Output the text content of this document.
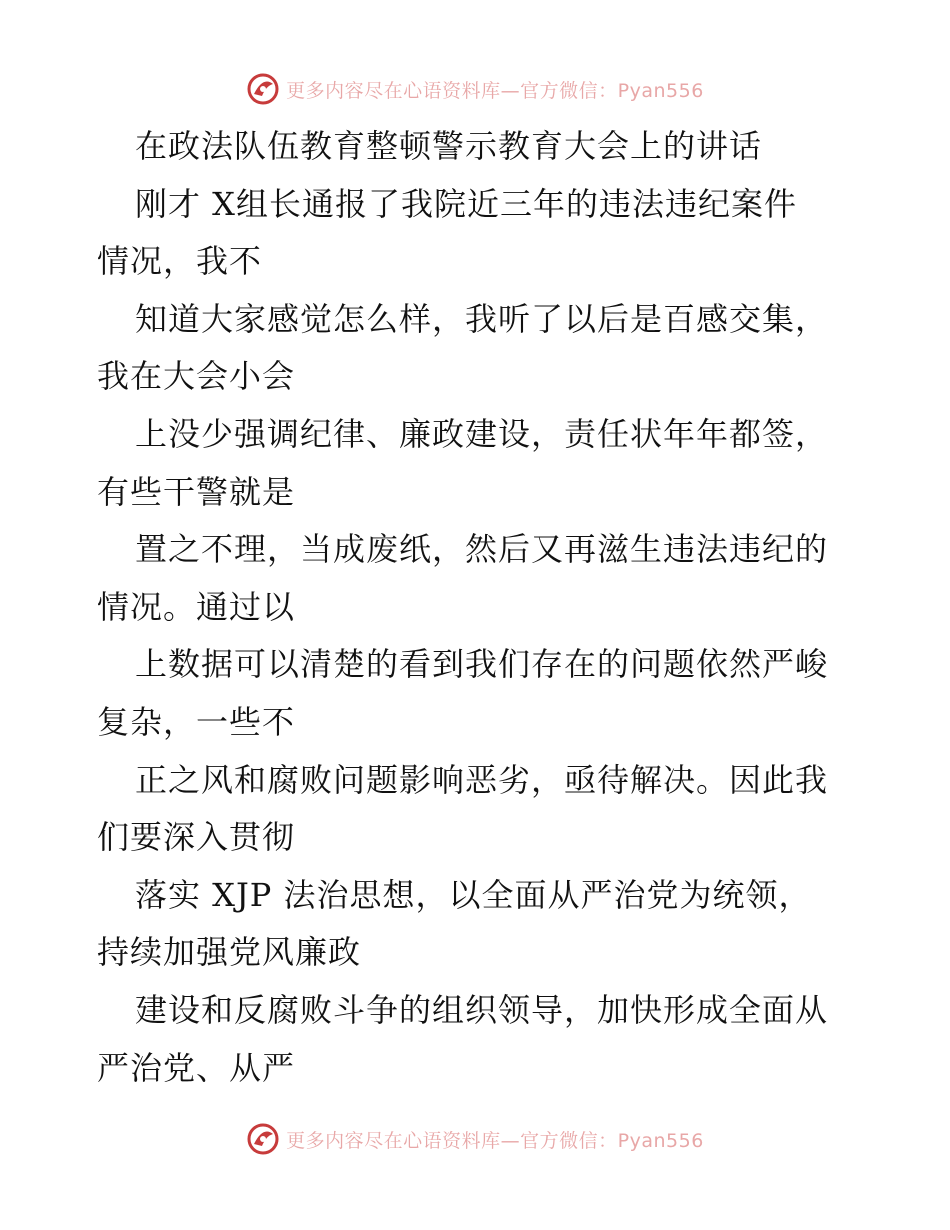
更多内容尽在心语资料库—官方微信：Pyan556
在政法队伍教育整顿警示教育大会上的讲话
刚才 X组长通报了我院近三年的违法违纪案件
情况，我不
知道大家感觉怎么样，我听了以后是百感交集，
我在大会小会
上没少强调纪律、廉政建设，责任状年年都签，
有些干警就是
置之不理，当成废纸，然后又再滋生违法违纪的
情况。通过以
上数据可以清楚的看到我们存在的问题依然严峻
复杂，一些不
正之风和腐败问题影响恶劣，亟待解决。因此我
们要深入贯彻
落实 XJP 法治思想，以全面从严治党为统领，
持续加强党风廉政
建设和反腐败斗争的组织领导，加快形成全面从
严治党、从严
更多内容尽在心语资料库—官方微信：Pyan556
